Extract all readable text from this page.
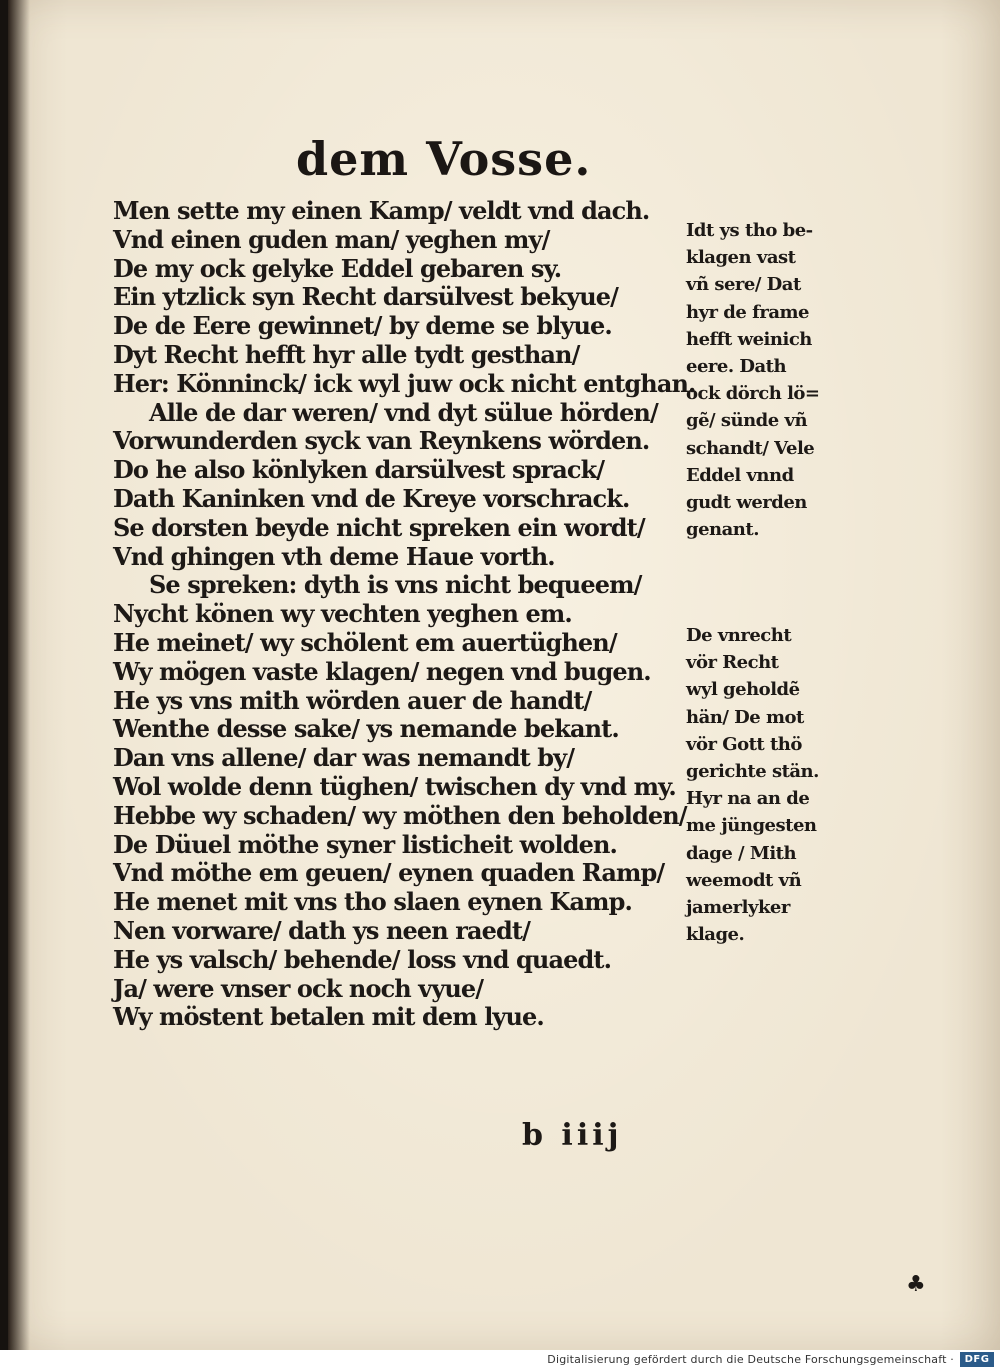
dem Vosse.
Men sette my einen Kamp/ veldt vnd dach.
Vnd einen guden man/ yeghen my/
De my ock gelyke Eddel gebaren sy.
Ein ytzlick syn Recht darsülvest bekyue/
De de Eere gewinnet/ by deme se blyue.
Dyt Recht hefft hyr alle tydt gesthan/
Her: Könninck/ ick wyl juw ock nicht entghan.
Alle de dar weren/ vnd dyt sülue hörden/
Vorwunderden syck van Reynkens wörden.
Do he also könlyken darsülvest sprack/
Dath Kaninken vnd de Kreye vorschrack.
Se dorsten beyde nicht spreken ein wordt/
Vnd ghingen vth deme Haue vorth.
Se spreken: dyth is vns nicht bequeem/
Nycht könen wy vechten yeghen em.
He meinet/ wy schölent em auertüghen/
Wy mögen vaste klagen/ negen vnd bugen.
He ys vns mith wörden auer de handt/
Wenthe desse sake/ ys nemande bekant.
Dan vns allene/ dar was nemandt by/
Wol wolde denn tüghen/ twischen dy vnd my.
Hebbe wy schaden/ wy möthen den beholden/
De Düuel möthe syner listicheit wolden.
Vnd möthe em geuen/ eynen quaden Ramp/
He menet mit vns tho slaen eynen Kamp.
Nen vorware/ dath ys neen raedt/
He ys valsch/ behende/ loss vnd quaedt.
Ja/ were vnser ock noch vyue/
Wy möstent betalen mit dem lyue.
Idt ys tho be-
klagen vast
vñ sere/ Dat
hyr de frame
hefft weinich
eere. Dath
ock dörch lö=
gẽ/ sünde vñ
schandt/ Vele
Eddel vnnd
gudt werden
genant.
De vnrecht
vör Recht
wyl geholdẽ
hän/ De mot
vör Gott thö
gerichte stän.
Hyr na an de
me jüngesten
dage / Mith
weemodt vñ
jamerlyker
klage.
b iiij
♣
Digitalisierung gefördert durch die Deutsche Forschungsgemeinschaft ·	DFG
